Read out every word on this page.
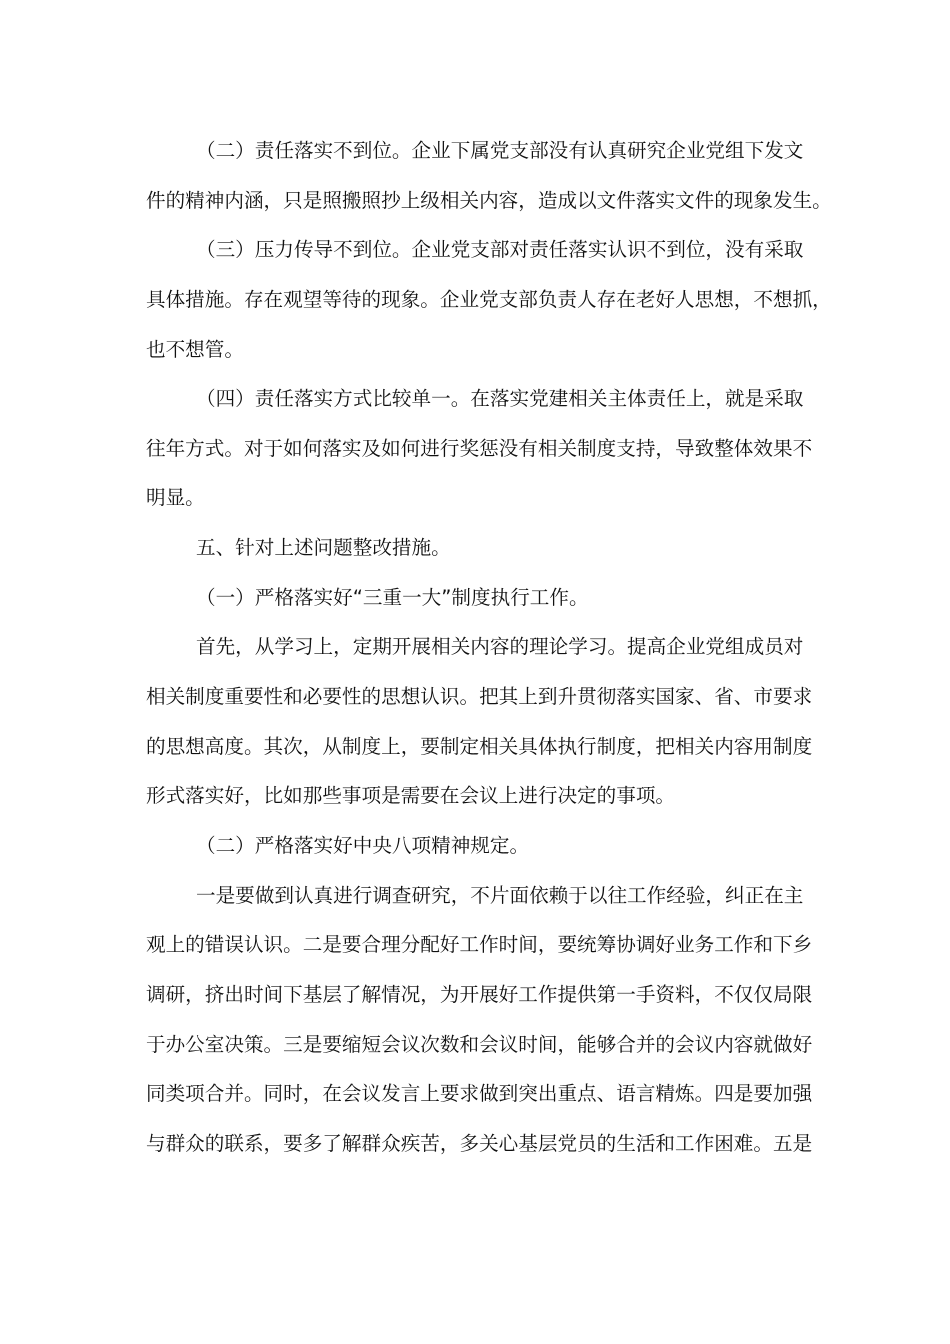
（二）责任落实不到位。企业下属党支部没有认真研究企业党组下发文
件的精神内涵，只是照搬照抄上级相关内容，造成以文件落实文件的现象发生。
（三）压力传导不到位。企业党支部对责任落实认识不到位，没有采取
具体措施。存在观望等待的现象。企业党支部负责人存在老好人思想，不想抓，
也不想管。
（四）责任落实方式比较单一。在落实党建相关主体责任上，就是采取
往年方式。对于如何落实及如何进行奖惩没有相关制度支持，导致整体效果不
明显。
五、针对上述问题整改措施。
（一）严格落实好“三重一大”制度执行工作。
首先，从学习上，定期开展相关内容的理论学习。提高企业党组成员对
相关制度重要性和必要性的思想认识。把其上到升贯彻落实国家、省、市要求
的思想高度。其次，从制度上，要制定相关具体执行制度，把相关内容用制度
形式落实好，比如那些事项是需要在会议上进行决定的事项。
（二）严格落实好中央八项精神规定。
一是要做到认真进行调查研究，不片面依赖于以往工作经验，纠正在主
观上的错误认识。二是要合理分配好工作时间，要统筹协调好业务工作和下乡
调研，挤出时间下基层了解情况，为开展好工作提供第一手资料，不仅仅局限
于办公室决策。三是要缩短会议次数和会议时间，能够合并的会议内容就做好
同类项合并。同时，在会议发言上要求做到突出重点、语言精炼。四是要加强
与群众的联系，要多了解群众疾苦，多关心基层党员的生活和工作困难。五是
